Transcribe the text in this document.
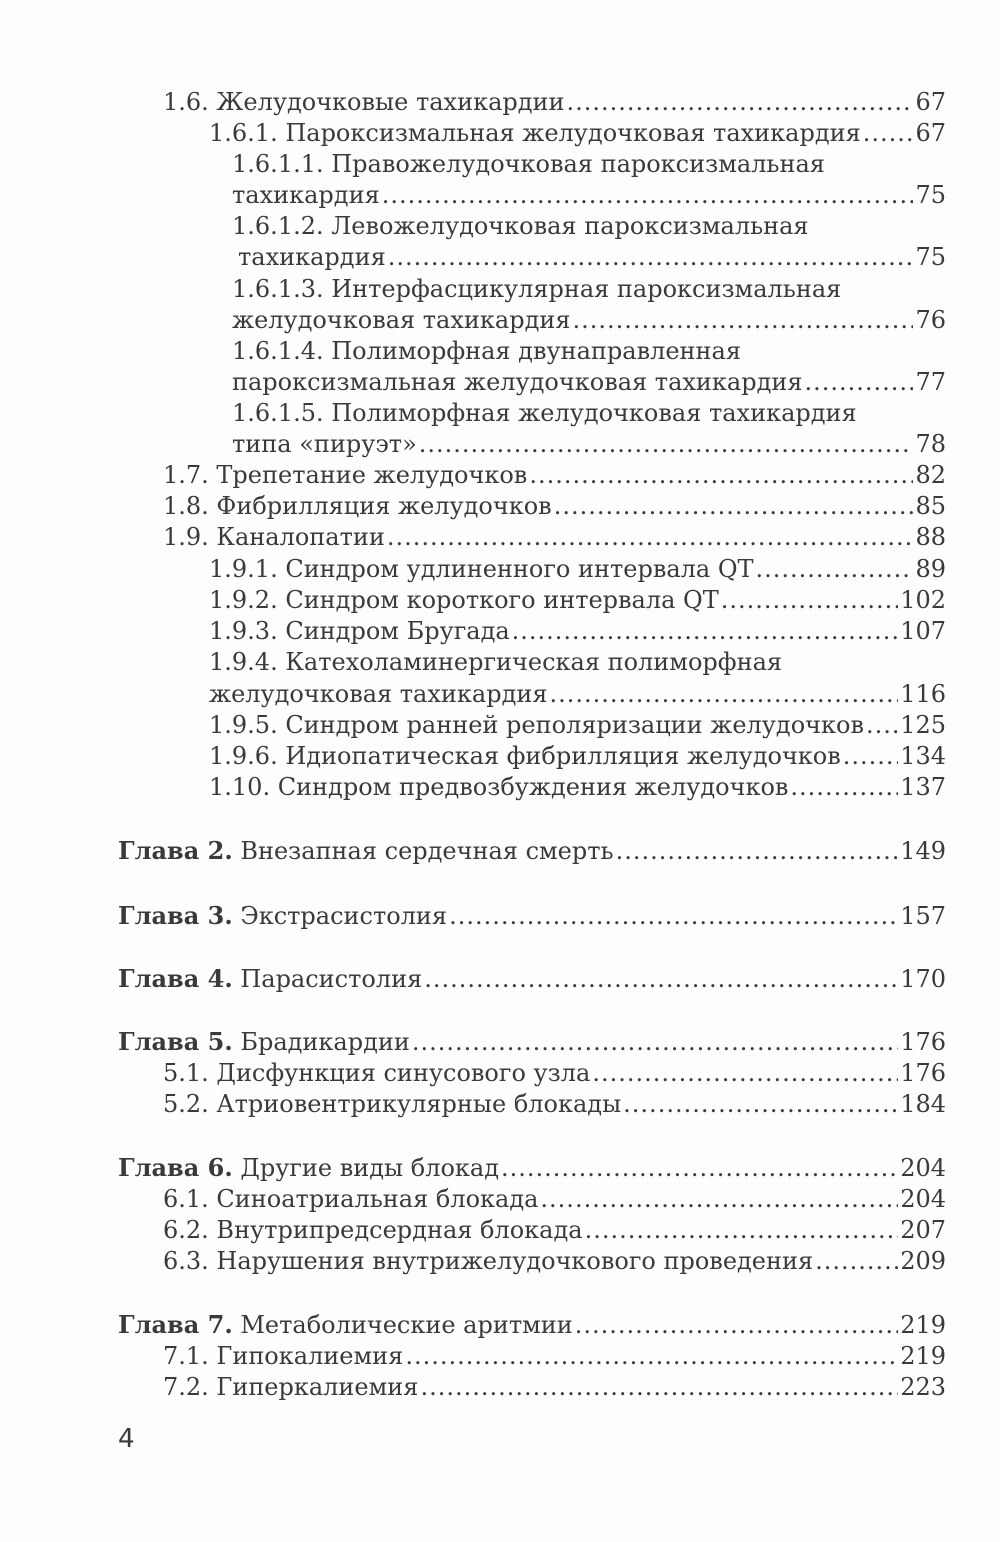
1.6. Желудочковые тахикардии .....	67
1.6.1. Пароксизмальная желудочковая тахикардия ..... 67
1.6.1.1. Правожелудочковая пароксизмальная
тахикардия .....	75
1.6.1.2. Левожелудочковая пароксизмальная
тахикардия .....	75
1.6.1.3. Интерфасцикулярная пароксизмальная
желудочковая тахикардия .....	76
1.6.1.4. Полиморфная двунаправленная
пароксизмальная желудочковая тахикардия .....	77
1.6.1.5. Полиморфная желудочковая тахикардия
типа «пируэт» .....	78
1.7. Трепетание желудочков .....	82
1.8. Фибрилляция желудочков .....	85
1.9. Каналопатии .....	88
1.9.1. Синдром удлиненного интервала QT .....	89
1.9.2. Синдром короткого интервала QT .....	102
1.9.3. Синдром Бругада .....	107
1.9.4. Катехоламинергическая полиморфная
желудочковая тахикардия .....	116
1.9.5. Синдром ранней реполяризации желудочков ..... 125
1.9.6. Идиопатическая фибрилляция желудочков ..... 134
1.10. Синдром предвозбуждения желудочков .....	137
Глава 2. Внезапная сердечная смерть .....	149
Глава 3. Экстрасистолия .....	157
Глава 4. Парасистолия .....	170
Глава 5. Брадикардии .....	176
5.1. Дисфункция синусового узла .....	176
5.2. Атриовентрикулярные блокады .....	184
Глава 6. Другие виды блокад .....	204
6.1. Синоатриальная блокада .....	204
6.2. Внутрипредсердная блокада .....	207
6.3. Нарушения внутрижелудочкового проведения .....	209
Глава 7. Метаболические аритмии .....	219
7.1. Гипокалиемия .....	219
7.2. Гиперкалиемия .....	223
4
